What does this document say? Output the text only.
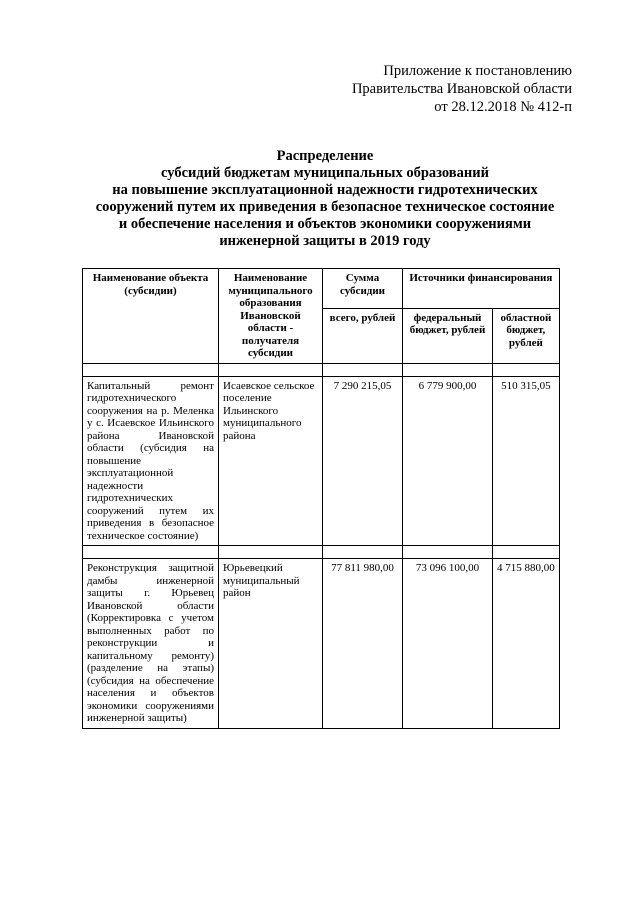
Приложение к постановлению
Правительства Ивановской области
от 28.12.2018 № 412-п
Распределение
субсидий бюджетам муниципальных образований
на повышение эксплуатационной надежности гидротехнических
сооружений путем их приведения в безопасное техническое состояние
и обеспечение населения и объектов экономики сооружениями
инженерной защиты в 2019 году
Наименование объекта (субсидии)	Наименование муниципального образования Ивановской области - получателя субсидии	Сумма субсидии	Источники финансирования	
		всего, рублей	федеральный бюджет, рублей	областной бюджет, рублей

Капитальный ремонт гидротехнического сооружения на р. Меленка у с. Исаевское Ильинского района Ивановской области (субсидия на повышение эксплуатационной надежности гидротехнических сооружений путем их приведения в безопасное техническое состояние)	Исаевское сельское поселение Ильинского муниципального района	7 290 215,05	6 779 900,00	510 315,05

Реконструкция защитной дамбы инженерной защиты г. Юрьевец Ивановской области (Корректировка с учетом выполненных работ по реконструкции и капитальному ремонту) (разделение на этапы) (субсидия на обеспечение населения и объектов экономики сооружениями инженерной защиты)	Юрьевецкий муниципальный район	77 811 980,00	73 096 100,00	4 715 880,00
